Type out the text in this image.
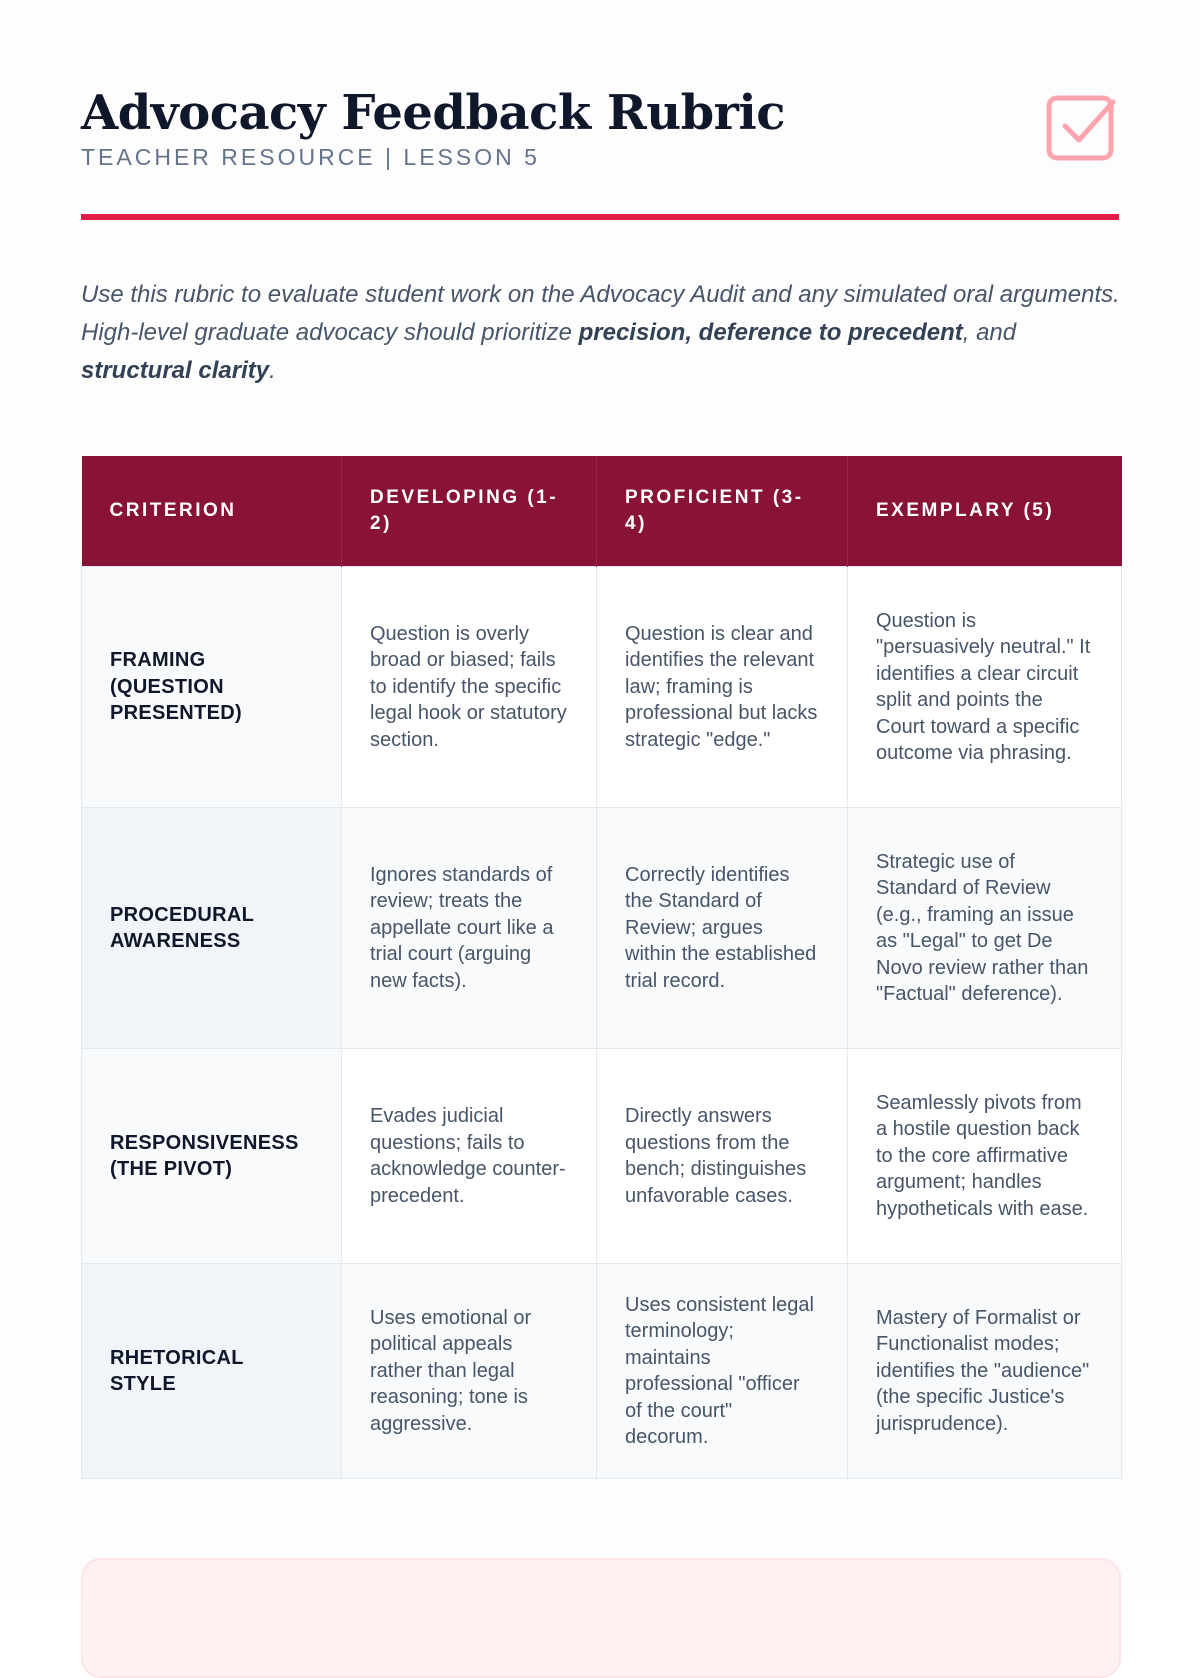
Advocacy Feedback Rubric
TEACHER RESOURCE | LESSON 5

Use this rubric to evaluate student work on the Advocacy Audit and any simulated oral arguments. High-level graduate advocacy should prioritize precision, deference to precedent, and structural clarity.

CRITERION	DEVELOPING (1-2)	PROFICIENT (3-4)	EXEMPLARY (5)
FRAMING (QUESTION PRESENTED)	Question is overly broad or biased; fails to identify the specific legal hook or statutory section.	Question is clear and identifies the relevant law; framing is professional but lacks strategic "edge."	Question is "persuasively neutral." It identifies a clear circuit split and points the Court toward a specific outcome via phrasing.
PROCEDURAL AWARENESS	Ignores standards of review; treats the appellate court like a trial court (arguing new facts).	Correctly identifies the Standard of Review; argues within the established trial record.	Strategic use of Standard of Review (e.g., framing an issue as "Legal" to get De Novo review rather than "Factual" deference).
RESPONSIVENESS (THE PIVOT)	Evades judicial questions; fails to acknowledge counter-precedent.	Directly answers questions from the bench; distinguishes unfavorable cases.	Seamlessly pivots from a hostile question back to the core affirmative argument; handles hypotheticals with ease.
RHETORICAL STYLE	Uses emotional or political appeals rather than legal reasoning; tone is aggressive.	Uses consistent legal terminology; maintains professional "officer of the court" decorum.	Mastery of Formalist or Functionalist modes; identifies the "audience" (the specific Justice's jurisprudence).
